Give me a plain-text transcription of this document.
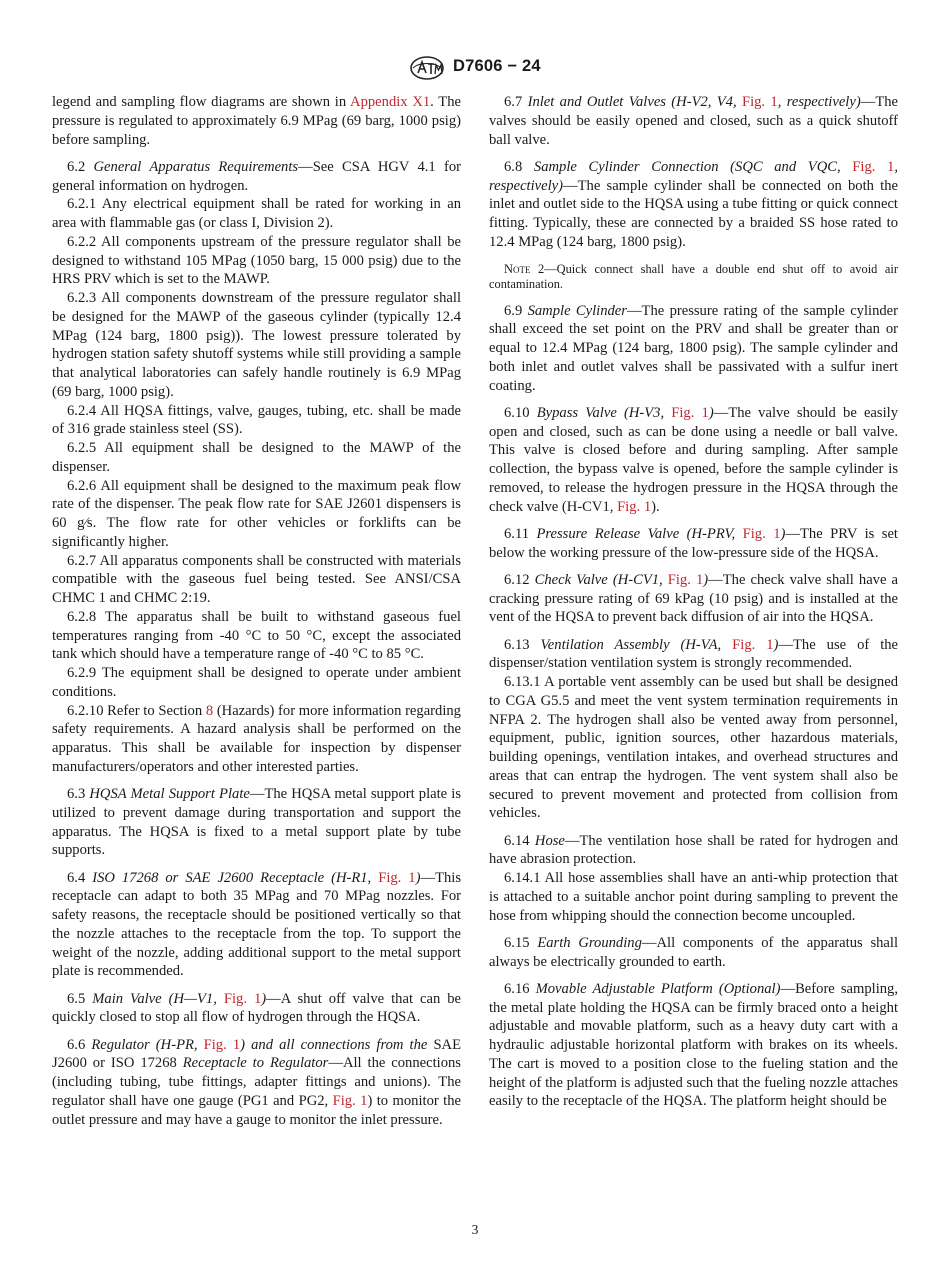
D7606 − 24

legend and sampling flow diagrams are shown in Appendix X1. The pressure is regulated to approximately 6.9 MPag (69 barg, 1000 psig) before sampling.

6.2 General Apparatus Requirements—See CSA HGV 4.1 for general information on hydrogen.

6.2.1 Any electrical equipment shall be rated for working in an area with flammable gas (or class I, Division 2).

6.2.2 All components upstream of the pressure regulator shall be designed to withstand 105 MPag (1050 barg, 15 000 psig) due to the HRS PRV which is set to the MAWP.

6.2.3 All components downstream of the pressure regulator shall be designed for the MAWP of the gaseous cylinder (typically 12.4 MPag (124 barg, 1800 psig)). The lowest pressure tolerated by hydrogen station safety shutoff systems while still providing a sample that analytical laboratories can safely handle routinely is 6.9 MPag (69 barg, 1000 psig).

6.2.4 All HQSA fittings, valve, gauges, tubing, etc. shall be made of 316 grade stainless steel (SS).

6.2.5 All equipment shall be designed to the MAWP of the dispenser.

6.2.6 All equipment shall be designed to the maximum peak flow rate of the dispenser. The peak flow rate for SAE J2601 dispensers is 60 g⁄s. The flow rate for other vehicles or forklifts can be significantly higher.

6.2.7 All apparatus components shall be constructed with materials compatible with the gaseous fuel being tested. See ANSI/CSA CHMC 1 and CHMC 2:19.

6.2.8 The apparatus shall be built to withstand gaseous fuel temperatures ranging from -40 °C to 50 °C, except the associated tank which should have a temperature range of -40 °C to 85 °C.

6.2.9 The equipment shall be designed to operate under ambient conditions.

6.2.10 Refer to Section 8 (Hazards) for more information regarding safety requirements. A hazard analysis shall be performed on the apparatus. This shall be available for inspection by dispenser manufacturers/operators and other interested parties.

6.3 HQSA Metal Support Plate—The HQSA metal support plate is utilized to prevent damage during transportation and support the apparatus. The HQSA is fixed to a metal support plate by tube supports.

6.4 ISO 17268 or SAE J2600 Receptacle (H-R1, Fig. 1)—This receptacle can adapt to both 35 MPag and 70 MPag nozzles. For safety reasons, the receptacle should be positioned vertically so that the nozzle attaches to the receptacle from the top. To support the weight of the nozzle, adding additional support to the metal support plate is recommended.

6.5 Main Valve (H—V1, Fig. 1)—A shut off valve that can be quickly closed to stop all flow of hydrogen through the HQSA.

6.6 Regulator (H-PR, Fig. 1) and all connections from the SAE J2600 or ISO 17268 Receptacle to Regulator—All the connections (including tubing, tube fittings, adapter fittings and unions). The regulator shall have one gauge (PG1 and PG2, Fig. 1) to monitor the outlet pressure and may have a gauge to monitor the inlet pressure.

6.7 Inlet and Outlet Valves (H-V2, V4, Fig. 1, respectively)—The valves should be easily opened and closed, such as a quick shutoff ball valve.

6.8 Sample Cylinder Connection (SQC and VQC, Fig. 1, respectively)—The sample cylinder shall be connected on both the inlet and outlet side to the HQSA using a tube fitting or quick connect fitting. Typically, these are connected by a braided SS hose rated to 12.4 MPag (124 barg, 1800 psig).

Note 2—Quick connect shall have a double end shut off to avoid air contamination.

6.9 Sample Cylinder—The pressure rating of the sample cylinder shall exceed the set point on the PRV and shall be greater than or equal to 12.4 MPag (124 barg, 1800 psig). The sample cylinder and both inlet and outlet valves shall be passivated with a sulfur inert coating.

6.10 Bypass Valve (H-V3, Fig. 1)—The valve should be easily open and closed, such as can be done using a needle or ball valve. This valve is closed before and during sampling. After sample collection, the bypass valve is opened, before the sample cylinder is removed, to release the hydrogen pressure in the HQSA through the check valve (H-CV1, Fig. 1).

6.11 Pressure Release Valve (H-PRV, Fig. 1)—The PRV is set below the working pressure of the low-pressure side of the HQSA.

6.12 Check Valve (H-CV1, Fig. 1)—The check valve shall have a cracking pressure rating of 69 kPag (10 psig) and is installed at the vent of the HQSA to prevent back diffusion of air into the HQSA.

6.13 Ventilation Assembly (H-VA, Fig. 1)—The use of the dispenser/station ventilation system is strongly recommended.

6.13.1 A portable vent assembly can be used but shall be designed to CGA G5.5 and meet the vent system termination requirements in NFPA 2. The hydrogen shall also be vented away from personnel, equipment, public, ignition sources, other hazardous materials, building openings, ventilation intakes, and overhead structures and areas that can entrap the hydrogen. The vent system shall also be secured to prevent movement and protected from collision from vehicles.

6.14 Hose—The ventilation hose shall be rated for hydrogen and have abrasion protection.

6.14.1 All hose assemblies shall have an anti-whip protection that is attached to a suitable anchor point during sampling to prevent the hose from whipping should the connection become uncoupled.

6.15 Earth Grounding—All components of the apparatus shall always be electrically grounded to earth.

6.16 Movable Adjustable Platform (Optional)—Before sampling, the metal plate holding the HQSA can be firmly braced onto a height adjustable and movable platform, such as a heavy duty cart with a hydraulic adjustable horizontal platform with brakes on its wheels. The cart is moved to a position close to the fueling station and the height of the platform is adjusted such that the fueling nozzle attaches easily to the receptacle of the HQSA. The platform height should be

3
